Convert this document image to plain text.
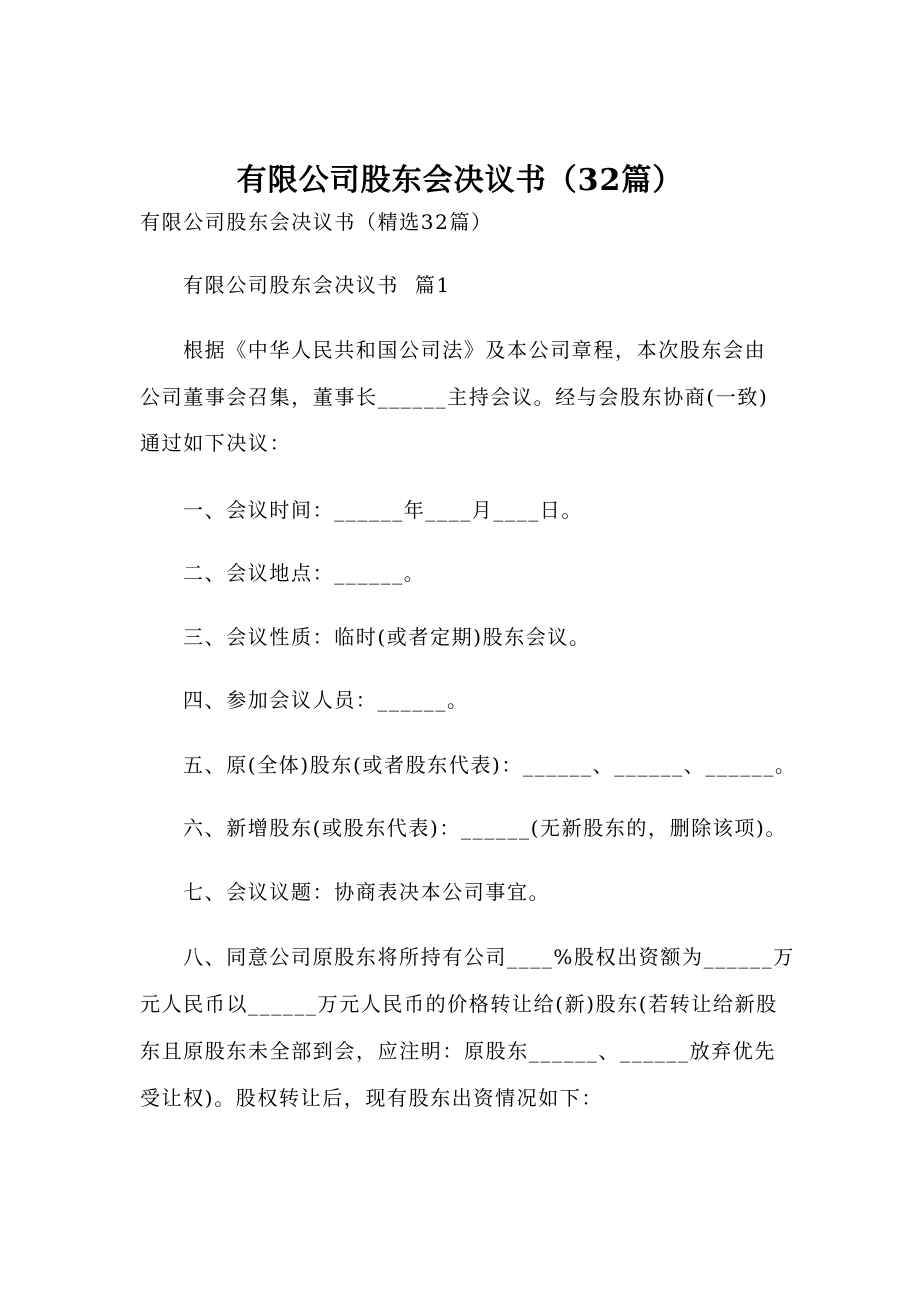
有限公司股东会决议书（32篇）
有限公司股东会决议书（精选32篇）
有限公司股东会决议书  篇1
根据《中华人民共和国公司法》及本公司章程，本次股东会由
公司董事会召集，董事长______主持会议。经与会股东协商(一致)
通过如下决议：
一、会议时间：______年____月____日。
二、会议地点：______。
三、会议性质：临时(或者定期)股东会议。
四、参加会议人员：______。
五、原(全体)股东(或者股东代表)：______、______、______。
六、新增股东(或股东代表)：______(无新股东的，删除该项)。
七、会议议题：协商表决本公司事宜。
八、同意公司原股东将所持有公司____%股权出资额为______万
元人民币以______万元人民币的价格转让给(新)股东(若转让给新股
东且原股东未全部到会，应注明：原股东______、______放弃优先
受让权)。股权转让后，现有股东出资情况如下：
